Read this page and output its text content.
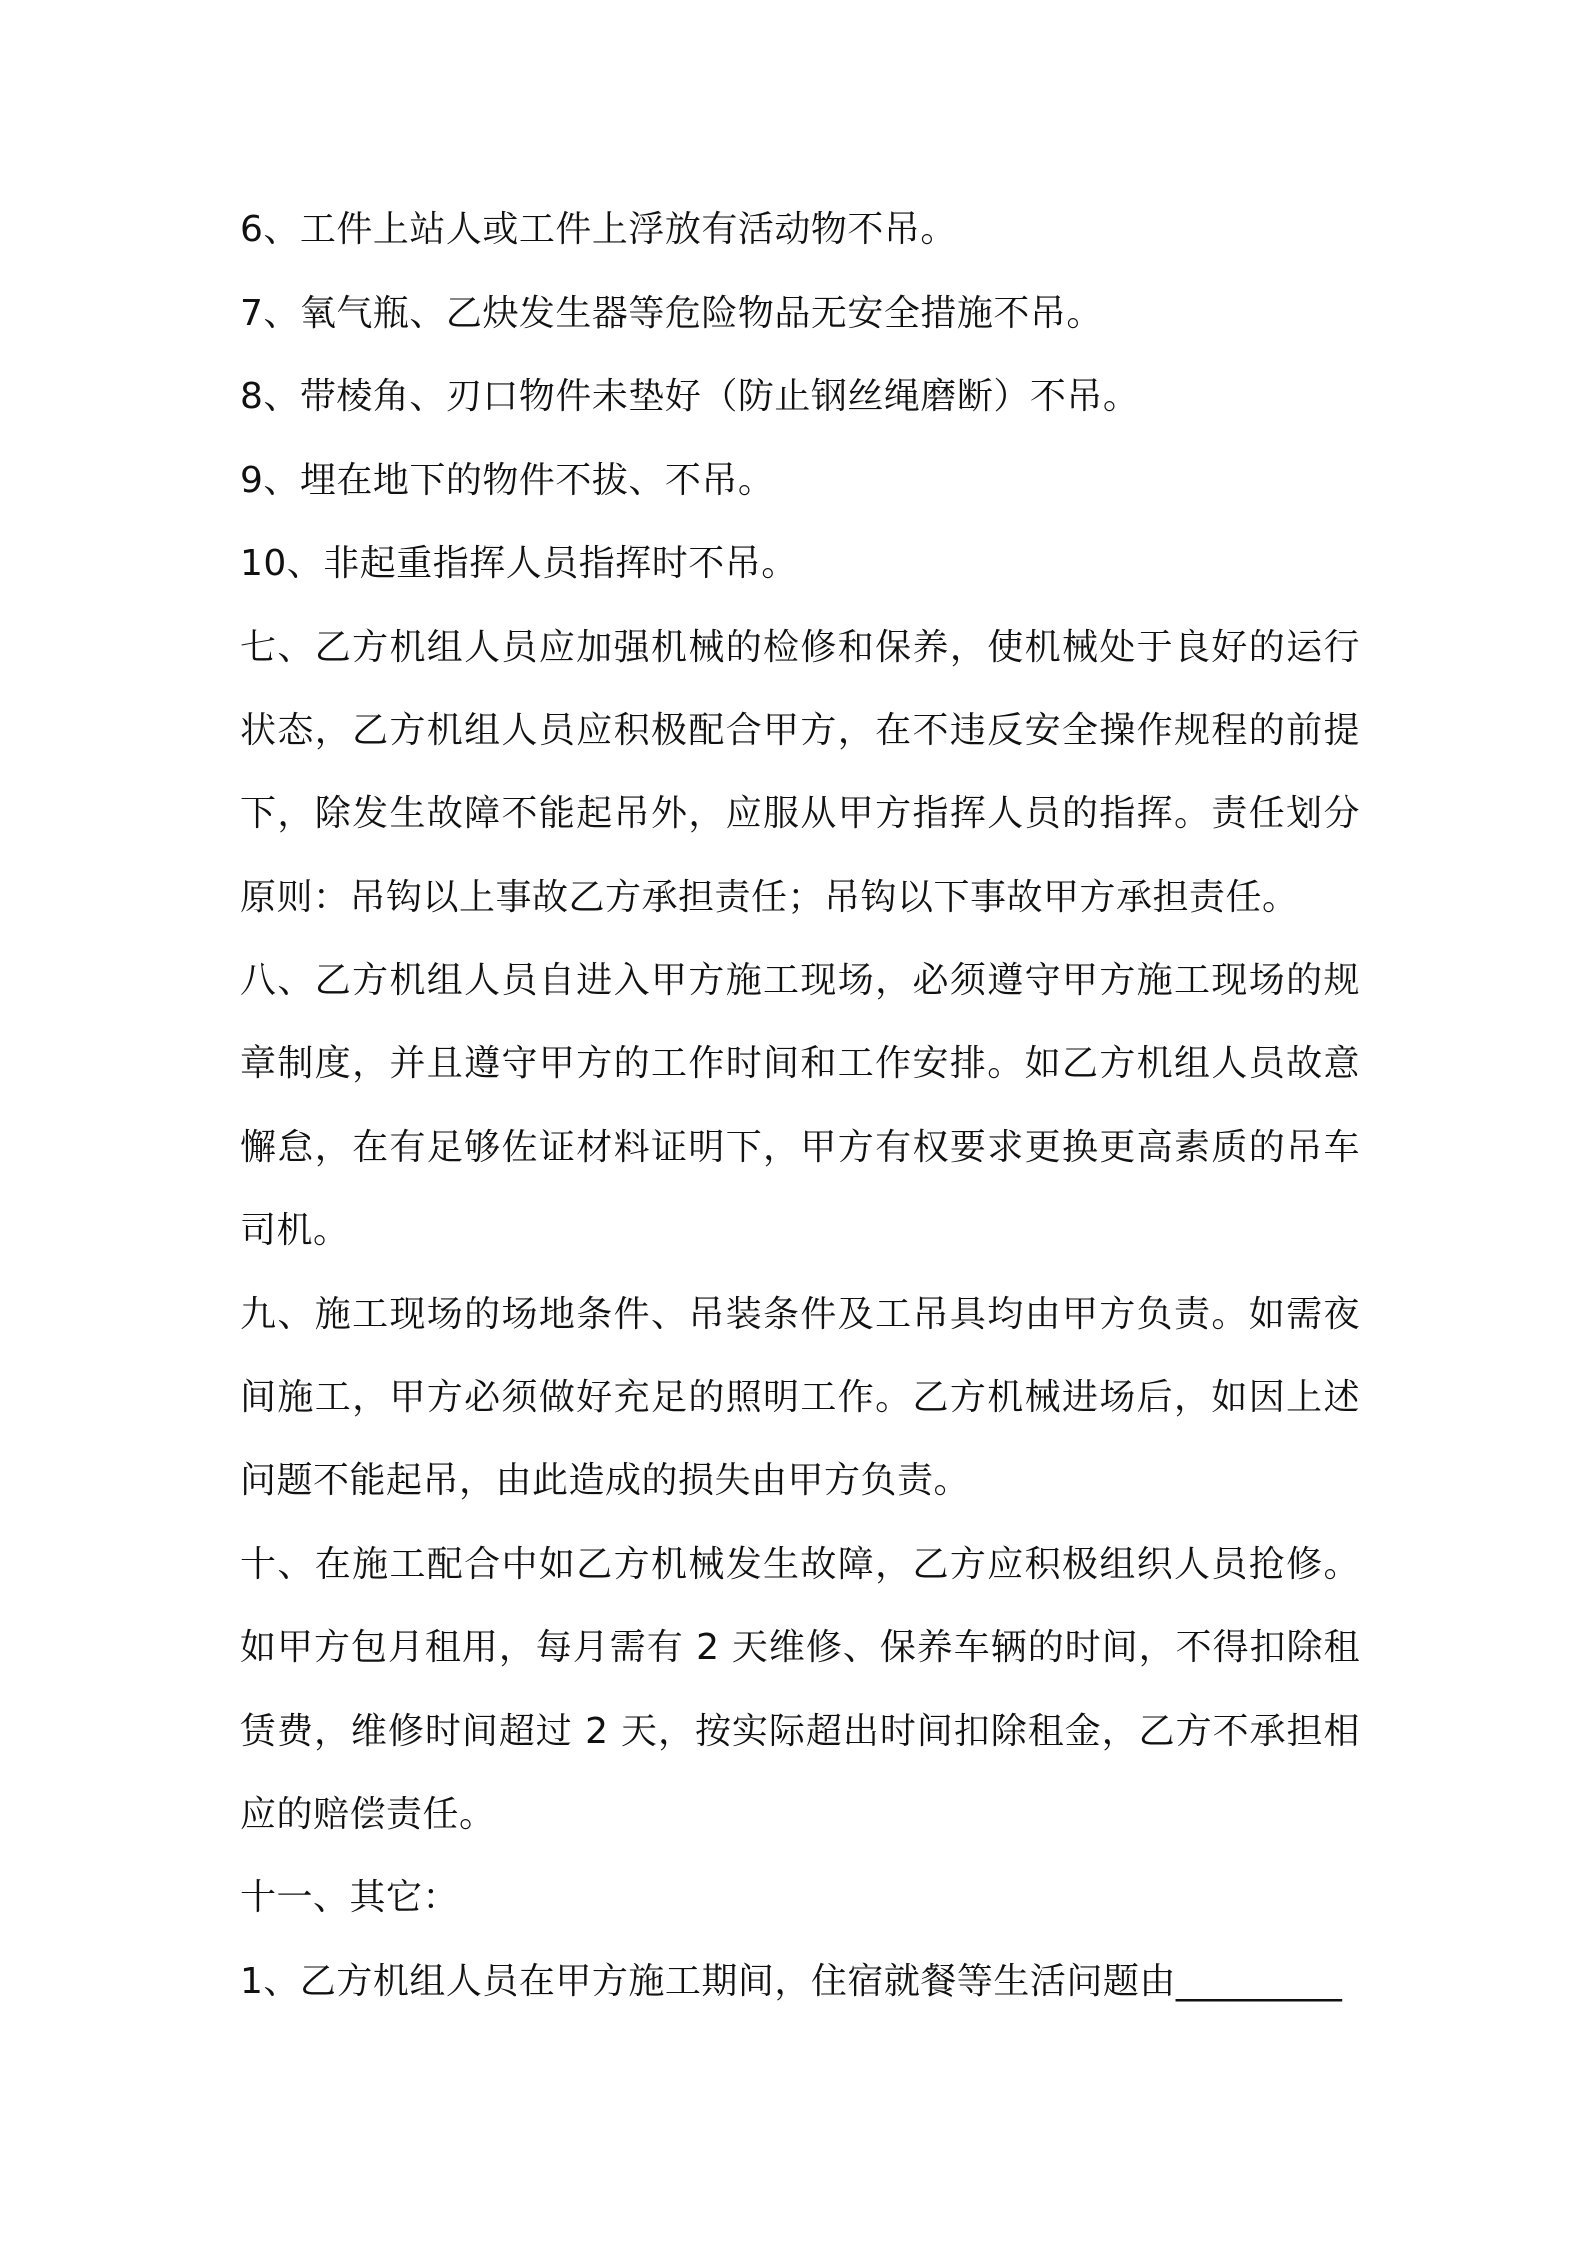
6、工件上站人或工件上浮放有活动物不吊。
7、氧气瓶、乙炔发生器等危险物品无安全措施不吊。
8、带棱角、刃口物件未垫好（防止钢丝绳磨断）不吊。
9、埋在地下的物件不拔、不吊。
10、非起重指挥人员指挥时不吊。
七、乙方机组人员应加强机械的检修和保养，使机械处于良好的运行
状态，乙方机组人员应积极配合甲方，在不违反安全操作规程的前提
下，除发生故障不能起吊外，应服从甲方指挥人员的指挥。责任划分
原则：吊钩以上事故乙方承担责任；吊钩以下事故甲方承担责任。
八、乙方机组人员自进入甲方施工现场，必须遵守甲方施工现场的规
章制度，并且遵守甲方的工作时间和工作安排。如乙方机组人员故意
懈怠，在有足够佐证材料证明下，甲方有权要求更换更高素质的吊车
司机。
九、施工现场的场地条件、吊装条件及工吊具均由甲方负责。如需夜
间施工，甲方必须做好充足的照明工作。乙方机械进场后，如因上述
问题不能起吊，由此造成的损失由甲方负责。
十、在施工配合中如乙方机械发生故障，乙方应积极组织人员抢修。
如甲方包月租用，每月需有 2 天维修、保养车辆的时间，不得扣除租
赁费，维修时间超过 2 天，按实际超出时间扣除租金，乙方不承担相
应的赔偿责任。
十一、其它：
1、乙方机组人员在甲方施工期间，住宿就餐等生活问题由_________
